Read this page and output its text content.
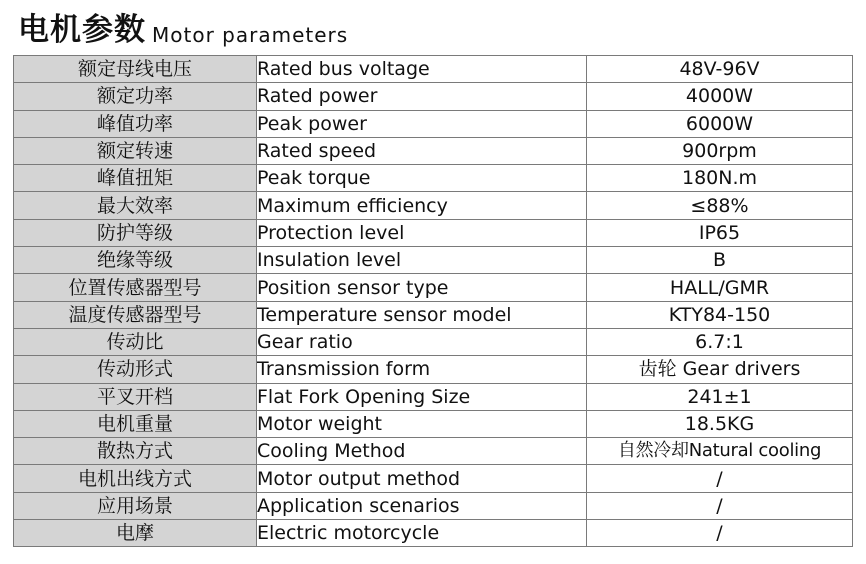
电机参数 Motor parameters
额定母线电压	Rated bus voltage	48V-96V
额定功率	Rated power	4000W
峰值功率	Peak power	6000W
额定转速	Rated speed	900rpm
峰值扭矩	Peak torque	180N.m
最大效率	Maximum efficiency	≤88%
防护等级	Protection level	IP65
绝缘等级	Insulation level	B
位置传感器型号	Position sensor type	HALL/GMR
温度传感器型号	Temperature sensor model	KTY84-150
传动比	Gear ratio	6.7:1
传动形式	Transmission form	齿轮 Gear drivers
平叉开档	Flat Fork Opening Size	241±1
电机重量	Motor weight	18.5KG
散热方式	Cooling Method	自然冷却Natural cooling
电机出线方式	Motor output method	/
应用场景	Application scenarios	/
电摩	Electric motorcycle	/
